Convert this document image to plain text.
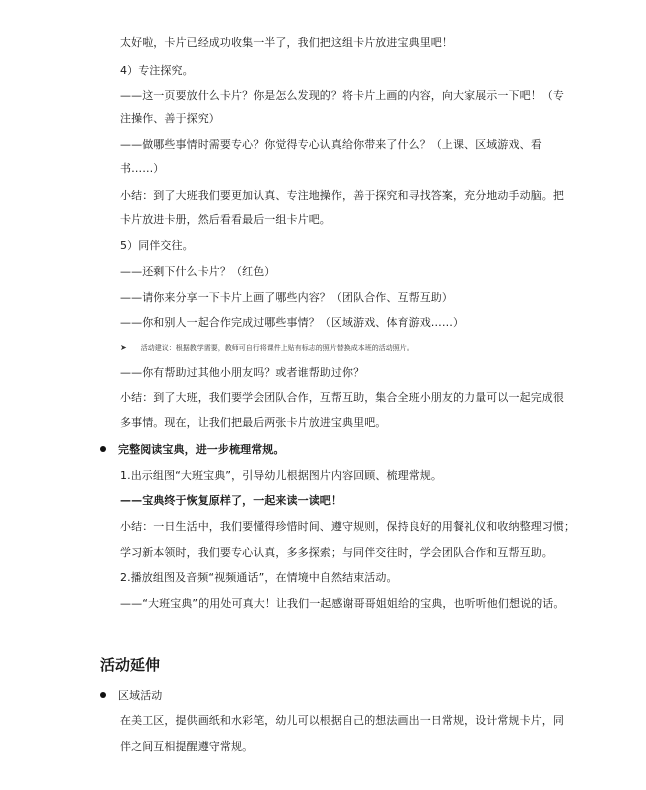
太好啦，卡片已经成功收集一半了，我们把这组卡片放进宝典里吧！
4）专注探究。
——这一页要放什么卡片？你是怎么发现的？将卡片上画的内容，向大家展示一下吧！（专
注操作、善于探究）
——做哪些事情时需要专心？你觉得专心认真给你带来了什么？（上课、区域游戏、看
书……）
小结：到了大班我们要更加认真、专注地操作，善于探究和寻找答案，充分地动手动脑。把
卡片放进卡册，然后看看最后一组卡片吧。
5）同伴交往。
——还剩下什么卡片？（红色）
——请你来分享一下卡片上画了哪些内容？（团队合作、互帮互助）
——你和别人一起合作完成过哪些事情？（区域游戏、体育游戏……）
➤ 活动建议：根据教学需要，教师可自行将课件上贴有标志的照片替换成本班的活动照片。
——你有帮助过其他小朋友吗？或者谁帮助过你？
小结：到了大班，我们要学会团队合作，互帮互助，集合全班小朋友的力量可以一起完成很
多事情。现在，让我们把最后两张卡片放进宝典里吧。
完整阅读宝典，进一步梳理常规。
1.出示组图“大班宝典”，引导幼儿根据图片内容回顾、梳理常规。
——宝典终于恢复原样了，一起来读一读吧！
小结：一日生活中，我们要懂得珍惜时间、遵守规则，保持良好的用餐礼仪和收纳整理习惯；
学习新本领时，我们要专心认真，多多探索；与同伴交往时，学会团队合作和互帮互助。
2.播放组图及音频“视频通话”，在情境中自然结束活动。
——“大班宝典”的用处可真大！让我们一起感谢哥哥姐姐给的宝典，也听听他们想说的话。
活动延伸
区域活动
在美工区，提供画纸和水彩笔，幼儿可以根据自己的想法画出一日常规，设计常规卡片，同
伴之间互相提醒遵守常规。
